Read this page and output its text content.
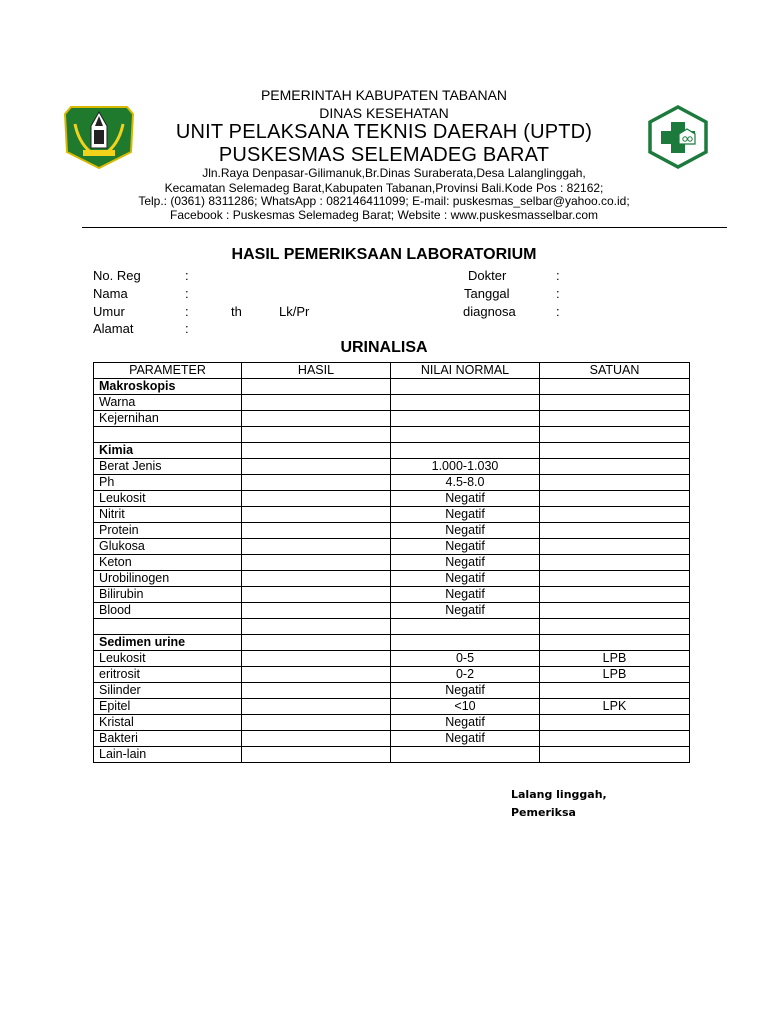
PEMERINTAH KABUPATEN TABANAN
DINAS KESEHATAN
UNIT PELAKSANA TEKNIS DAERAH (UPTD)
PUSKESMAS SELEMADEG BARAT
Jln.Raya Denpasar-Gilimanuk,Br.Dinas Suraberata,Desa Lalanglinggah,
Kecamatan Selemadeg Barat,Kabupaten Tabanan,Provinsi Bali.Kode Pos : 82162;
Telp.: (0361) 8311286; WhatsApp : 082146411099; E-mail: puskesmas_selbar@yahoo.co.id;
Facebook : Puskesmas Selemadeg Barat; Website : www.puskesmasselbar.com
HASIL PEMERIKSAAN LABORATORIUM
No. Reg	:
Nama	:
Umur	:	th	Lk/Pr
Alamat	:
Dokter	:
Tanggal	:
diagnosa	:
URINALISA
PARAMETER	HASIL	NILAI NORMAL	SATUAN
Makroskopis			
Warna			
Kejernihan			

Kimia			
Berat Jenis		1.000-1.030	
Ph		4.5-8.0	
Leukosit		Negatif	
Nitrit		Negatif	
Protein		Negatif	
Glukosa		Negatif	
Keton		Negatif	
Urobilinogen		Negatif	
Bilirubin		Negatif	
Blood		Negatif	

Sedimen urine			
Leukosit		0-5	LPB
eritrosit		0-2	LPB
Silinder		Negatif	
Epitel		<10	LPK
Kristal		Negatif	
Bakteri		Negatif	
Lain-lain			
Lalang linggah,
Pemeriksa
